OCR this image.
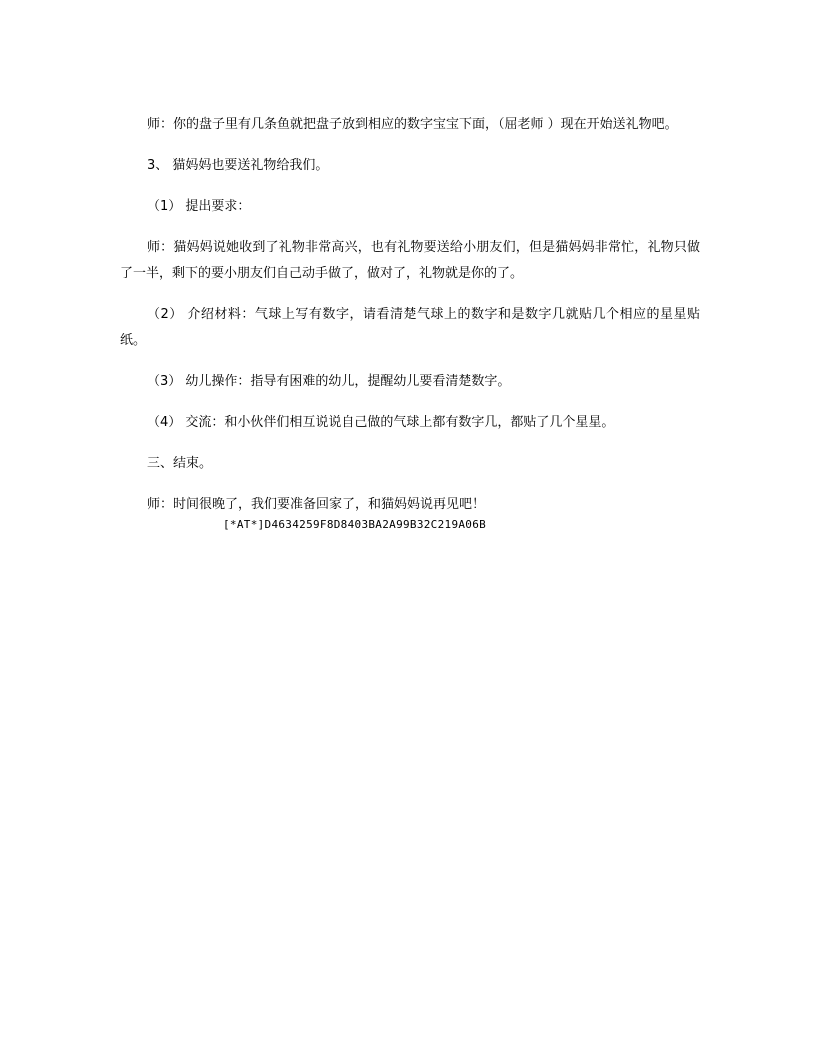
师：你的盘子里有几条鱼就把盘子放到相应的数字宝宝下面，（屈老师 ）现在开始送礼物吧。

3、 猫妈妈也要送礼物给我们。

（1） 提出要求：

师：猫妈妈说她收到了礼物非常高兴，也有礼物要送给小朋友们，但是猫妈妈非常忙，礼物只做了一半，剩下的要小朋友们自己动手做了，做对了，礼物就是你的了。

（2） 介绍材料：气球上写有数字，请看清楚气球上的数字和是数字几就贴几个相应的星星贴纸。

（3） 幼儿操作：指导有困难的幼儿，提醒幼儿要看清楚数字。

（4） 交流：和小伙伴们相互说说自己做的气球上都有数字几，都贴了几个星星。

三、结束。

师：时间很晚了，我们要准备回家了，和猫妈妈说再见吧！

[*AT*]D4634259F8D8403BA2A99B32C219A06B
